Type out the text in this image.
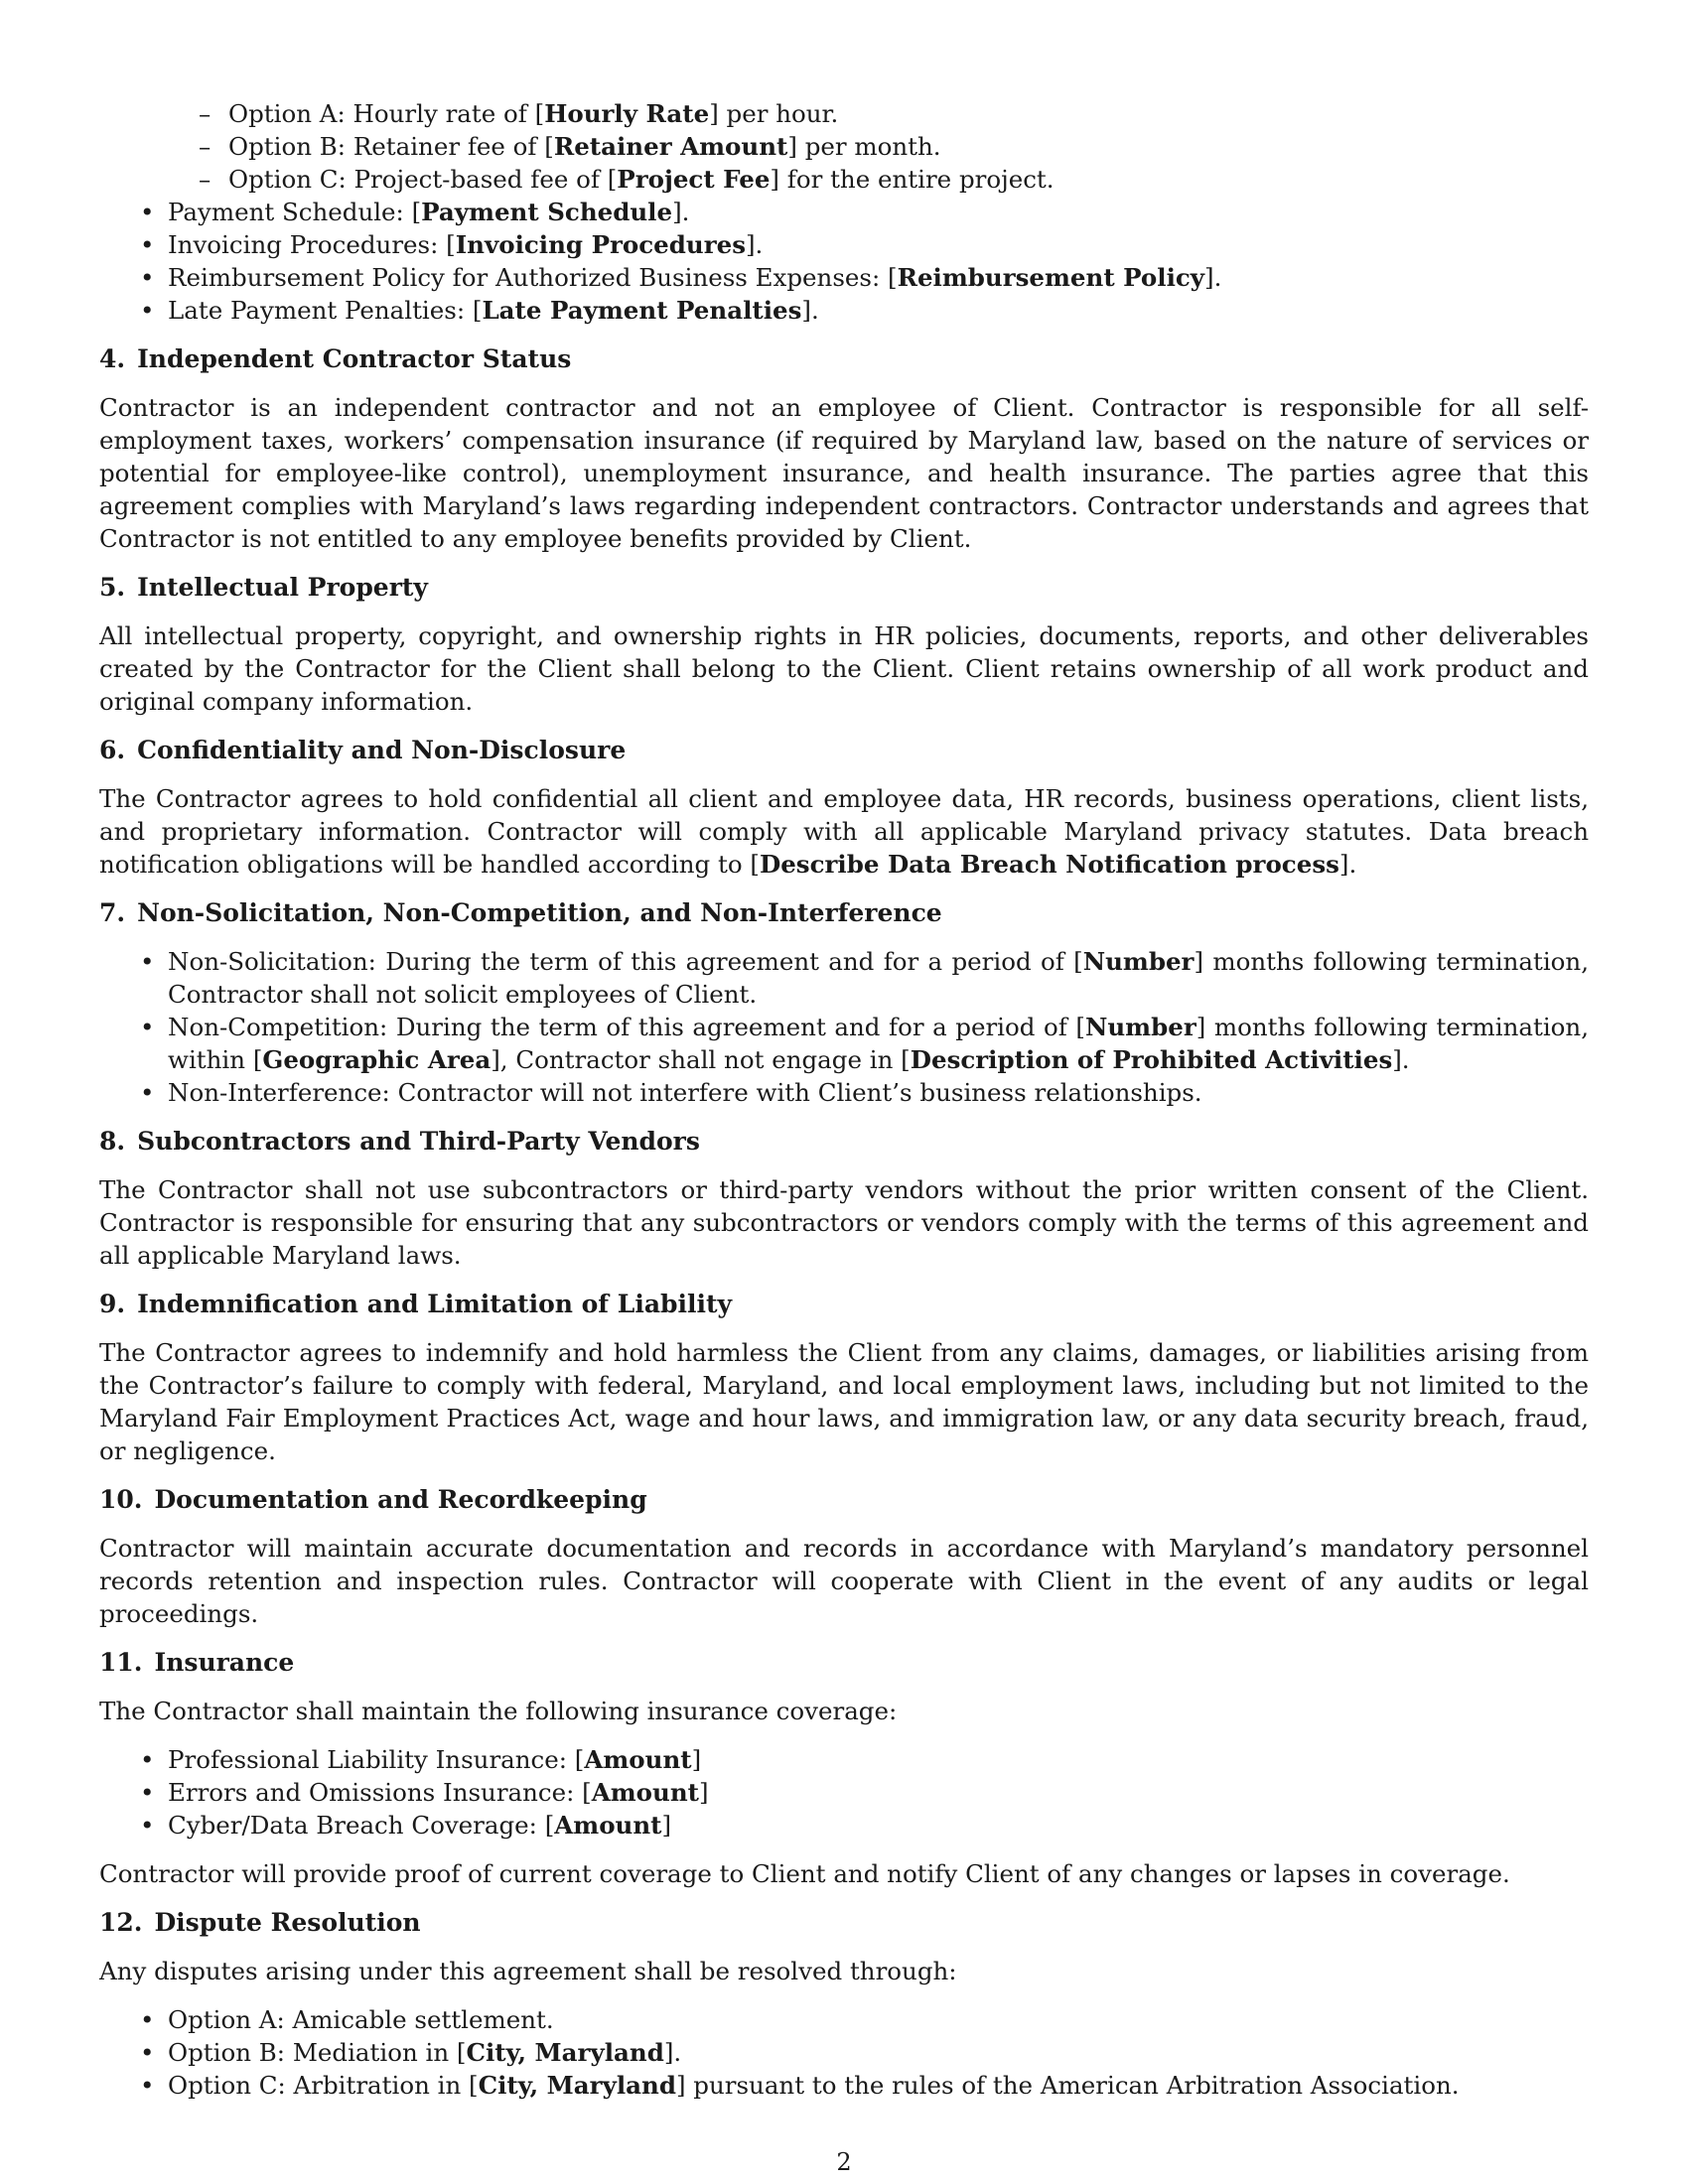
– Option A: Hourly rate of [Hourly Rate] per hour.
– Option B: Retainer fee of [Retainer Amount] per month.
– Option C: Project-based fee of [Project Fee] for the entire project.
• Payment Schedule: [Payment Schedule].
• Invoicing Procedures: [Invoicing Procedures].
• Reimbursement Policy for Authorized Business Expenses: [Reimbursement Policy].
• Late Payment Penalties: [Late Payment Penalties].
4. Independent Contractor Status

Contractor is an independent contractor and not an employee of Client. Contractor is responsible for all self-employment taxes, workers’ compensation insurance (if required by Maryland law, based on the nature of services or potential for employee-like control), unemployment insurance, and health insurance. The parties agree that this agreement complies with Maryland’s laws regarding independent contractors. Contractor understands and agrees that Contractor is not entitled to any employee benefits provided by Client.

5. Intellectual Property

All intellectual property, copyright, and ownership rights in HR policies, documents, reports, and other deliverables created by the Contractor for the Client shall belong to the Client. Client retains ownership of all work product and original company information.

6. Confidentiality and Non-Disclosure

The Contractor agrees to hold confidential all client and employee data, HR records, business operations, client lists, and proprietary information. Contractor will comply with all applicable Maryland privacy statutes. Data breach notification obligations will be handled according to [Describe Data Breach Notification process].

7. Non-Solicitation, Non-Competition, and Non-Interference
• Non-Solicitation: During the term of this agreement and for a period of [Number] months following termination, Contractor shall not solicit employees of Client.
• Non-Competition: During the term of this agreement and for a period of [Number] months following termination, within [Geographic Area], Contractor shall not engage in [Description of Prohibited Activities].
• Non-Interference: Contractor will not interfere with Client’s business relationships.
8. Subcontractors and Third-Party Vendors

The Contractor shall not use subcontractors or third-party vendors without the prior written consent of the Client. Contractor is responsible for ensuring that any subcontractors or vendors comply with the terms of this agreement and all applicable Maryland laws.

9. Indemnification and Limitation of Liability

The Contractor agrees to indemnify and hold harmless the Client from any claims, damages, or liabilities arising from the Contractor’s failure to comply with federal, Maryland, and local employment laws, including but not limited to the Maryland Fair Employment Practices Act, wage and hour laws, and immigration law, or any data security breach, fraud, or negligence.

10. Documentation and Recordkeeping

Contractor will maintain accurate documentation and records in accordance with Maryland’s mandatory personnel records retention and inspection rules. Contractor will cooperate with Client in the event of any audits or legal proceedings.

11. Insurance

The Contractor shall maintain the following insurance coverage:

• Professional Liability Insurance: [Amount]
• Errors and Omissions Insurance: [Amount]
• Cyber/Data Breach Coverage: [Amount]

Contractor will provide proof of current coverage to Client and notify Client of any changes or lapses in coverage.

12. Dispute Resolution

Any disputes arising under this agreement shall be resolved through:

• Option A: Amicable settlement.
• Option B: Mediation in [City, Maryland].
• Option C: Arbitration in [City, Maryland] pursuant to the rules of the American Arbitration Association.
2
